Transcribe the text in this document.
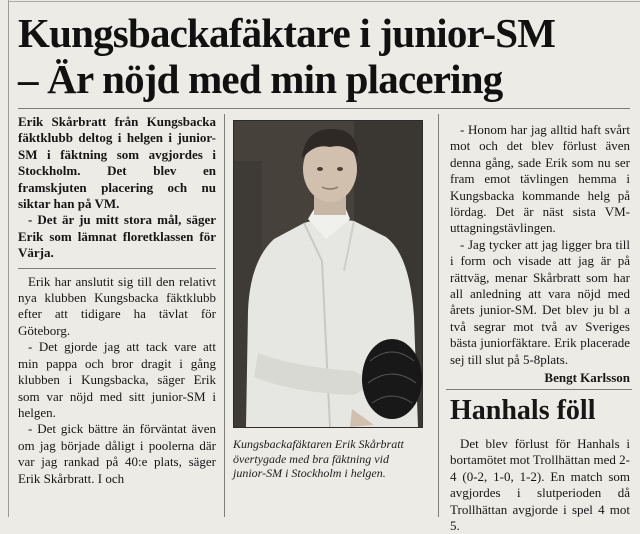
Kungsbackafäktare i junior-SM
– Är nöjd med min placering

Erik Skårbratt från Kungsbacka fäktklubb deltog i helgen i junior-SM i fäktning som avgjordes i Stockholm. Det blev en framskjuten placering och nu siktar han på VM.

- Det är ju mitt stora mål, säger Erik som lämnat floretklassen för Värja.

Erik har anslutit sig till den relativt nya klubben Kungsbacka fäktklubb efter att tidigare ha tävlat för Göteborg.

- Det gjorde jag att tack vare att min pappa och bror dragit i gång klubben i Kungsbacka, säger Erik som var nöjd med sitt junior-SM i helgen.

- Det gick bättre än förväntat även om jag började dåligt i poolerna där var jag rankad på 40:e plats, säger Erik Skårbratt. I och

Kungsbackafäktaren Erik Skårbratt övertygade med bra fäktning vid junior-SM i Stockholm i helgen.

- Honom har jag alltid haft svårt mot och det blev förlust även denna gång, sade Erik som nu ser fram emot tävlingen hemma i Kungsbacka kommande helg på lördag. Det är näst sista VM-uttagningstävlingen.

- Jag tycker att jag ligger bra till i form och visade att jag är på rättväg, menar Skårbratt som har all anledning att vara nöjd med årets junior-SM. Det blev ju bl a två segrar mot två av Sveriges bästa juniorfäktare. Erik placerade sej till slut på 5-8plats.

Bengt Karlsson

Hanhals föll

Det blev förlust för Hanhals i bortamötet mot Trollhättan med 2-4 (0-2, 1-0, 1-2). En match som avgjordes i slutperioden då Trollhättan avgjorde i spel 4 mot 5.
